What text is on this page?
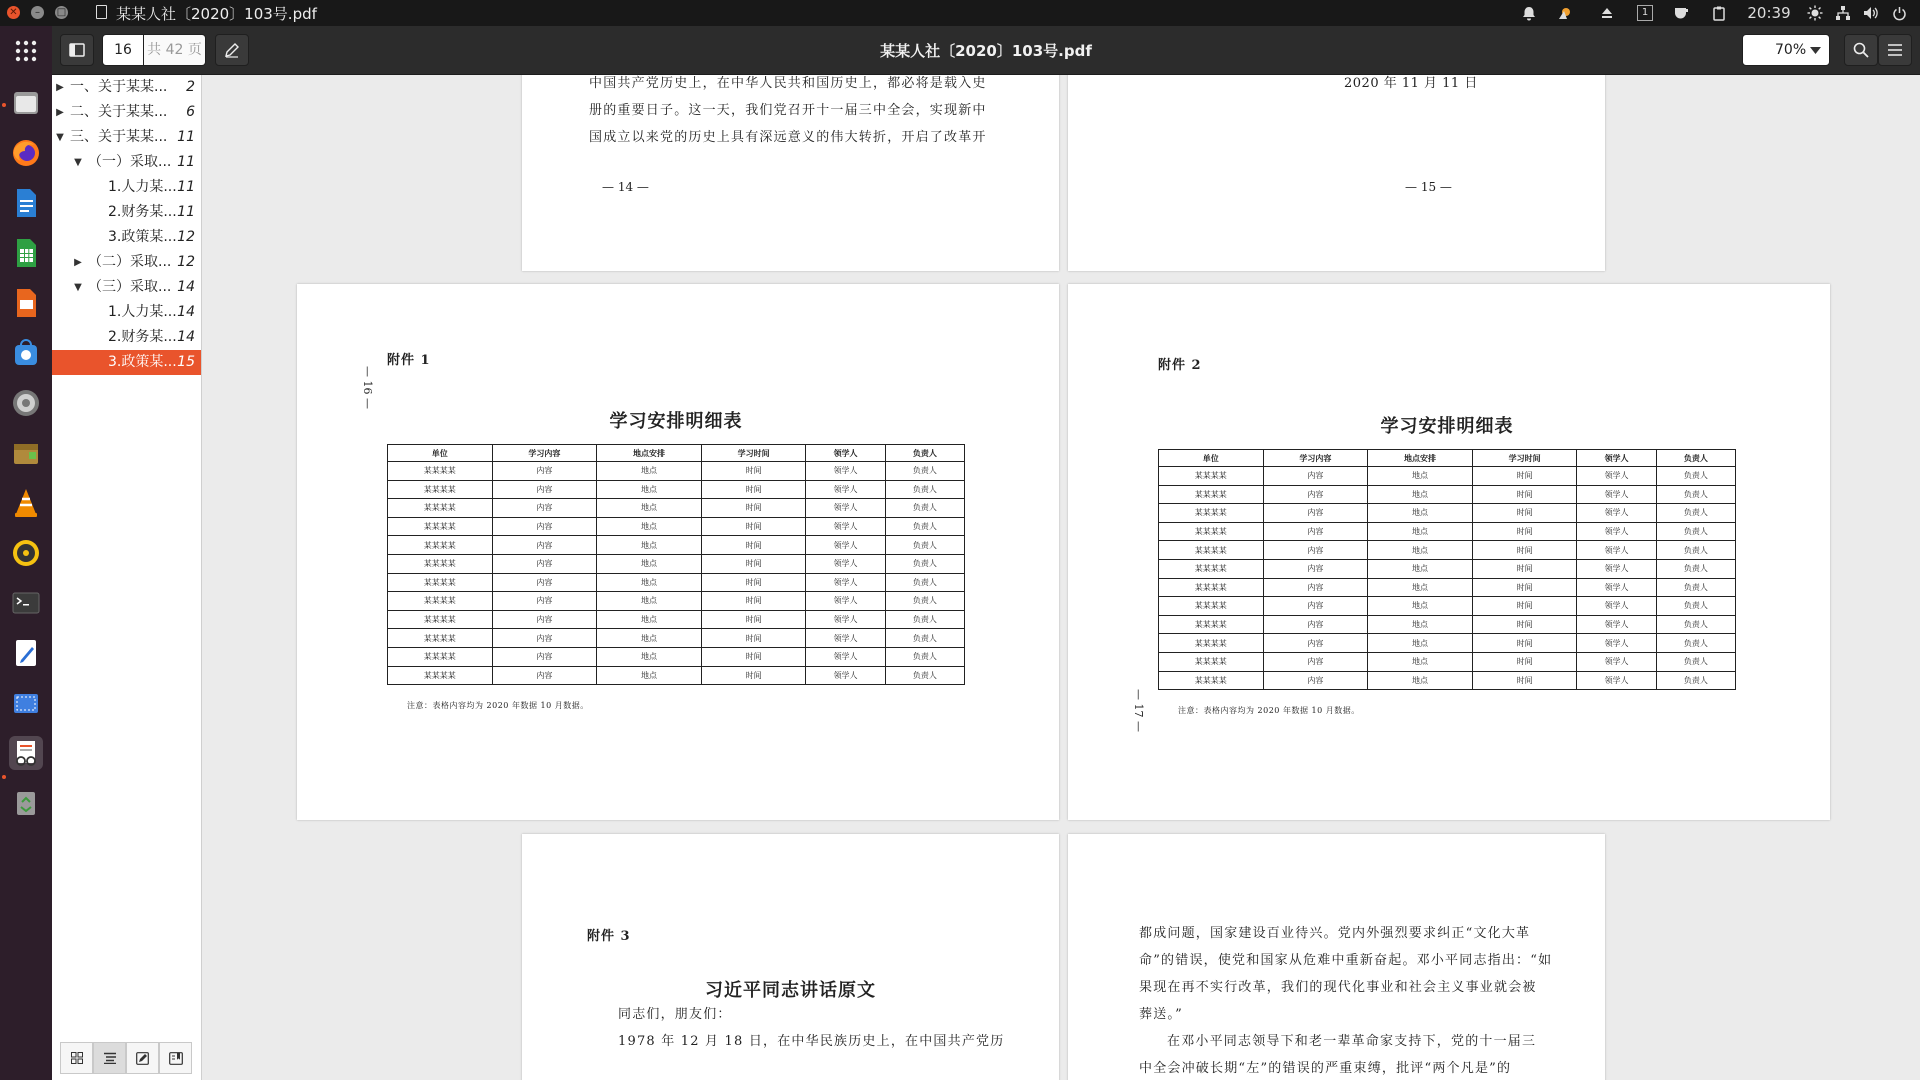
✕	–	□	某某人社〔2020〕103号.pdf	1	20:39
16	共 42 页	某某人社〔2020〕103号.pdf	70%
▶ 一、关于某某... 2
▶ 二、关于某某... 6
▼ 三、关于某某... 11
▼ （一）采取... 11
1.人力某... 11
2.财务某... 11
3.政策某... 12
▶ （二）采取... 12
▼ （三）采取... 14
1.人力某... 14
2.财务某... 14
3.政策某... 15
中国共产党历史上，在中华人民共和国历史上，都必将是载入史
册的重要日子。这一天，我们党召开十一届三中全会，实现新中
国成立以来党的历史上具有深远意义的伟大转折，开启了改革开
— 14 —
2020 年 11 月 11 日
— 15 —
— 16 —
附件 1
学习安排明细表
单位	学习内容	地点安排	学习时间	领学人	负责人
某某某某	内容	地点	时间	领学人	负责人
某某某某	内容	地点	时间	领学人	负责人
某某某某	内容	地点	时间	领学人	负责人
某某某某	内容	地点	时间	领学人	负责人
某某某某	内容	地点	时间	领学人	负责人
某某某某	内容	地点	时间	领学人	负责人
某某某某	内容	地点	时间	领学人	负责人
某某某某	内容	地点	时间	领学人	负责人
某某某某	内容	地点	时间	领学人	负责人
某某某某	内容	地点	时间	领学人	负责人
某某某某	内容	地点	时间	领学人	负责人
某某某某	内容	地点	时间	领学人	负责人
注意：表格内容均为 2020 年数据 10 月数据。	— 17 —
附件 2
学习安排明细表
单位	学习内容	地点安排	学习时间	领学人	负责人
某某某某	内容	地点	时间	领学人	负责人
某某某某	内容	地点	时间	领学人	负责人
某某某某	内容	地点	时间	领学人	负责人
某某某某	内容	地点	时间	领学人	负责人
某某某某	内容	地点	时间	领学人	负责人
某某某某	内容	地点	时间	领学人	负责人
某某某某	内容	地点	时间	领学人	负责人
某某某某	内容	地点	时间	领学人	负责人
某某某某	内容	地点	时间	领学人	负责人
某某某某	内容	地点	时间	领学人	负责人
某某某某	内容	地点	时间	领学人	负责人
某某某某	内容	地点	时间	领学人	负责人
注意：表格内容均为 2020 年数据 10 月数据。
附件 3
习近平同志讲话原文
同志们，朋友们：
1978 年 12 月 18 日，在中华民族历史上，在中国共产党历
都成问题，国家建设百业待兴。党内外强烈要求纠正“文化大革
命”的错误，使党和国家从危难中重新奋起。邓小平同志指出：“如
果现在再不实行改革，我们的现代化事业和社会主义事业就会被
葬送。”
在邓小平同志领导下和老一辈革命家支持下，党的十一届三
中全会冲破长期“左”的错误的严重束缚，批评“两个凡是”的
